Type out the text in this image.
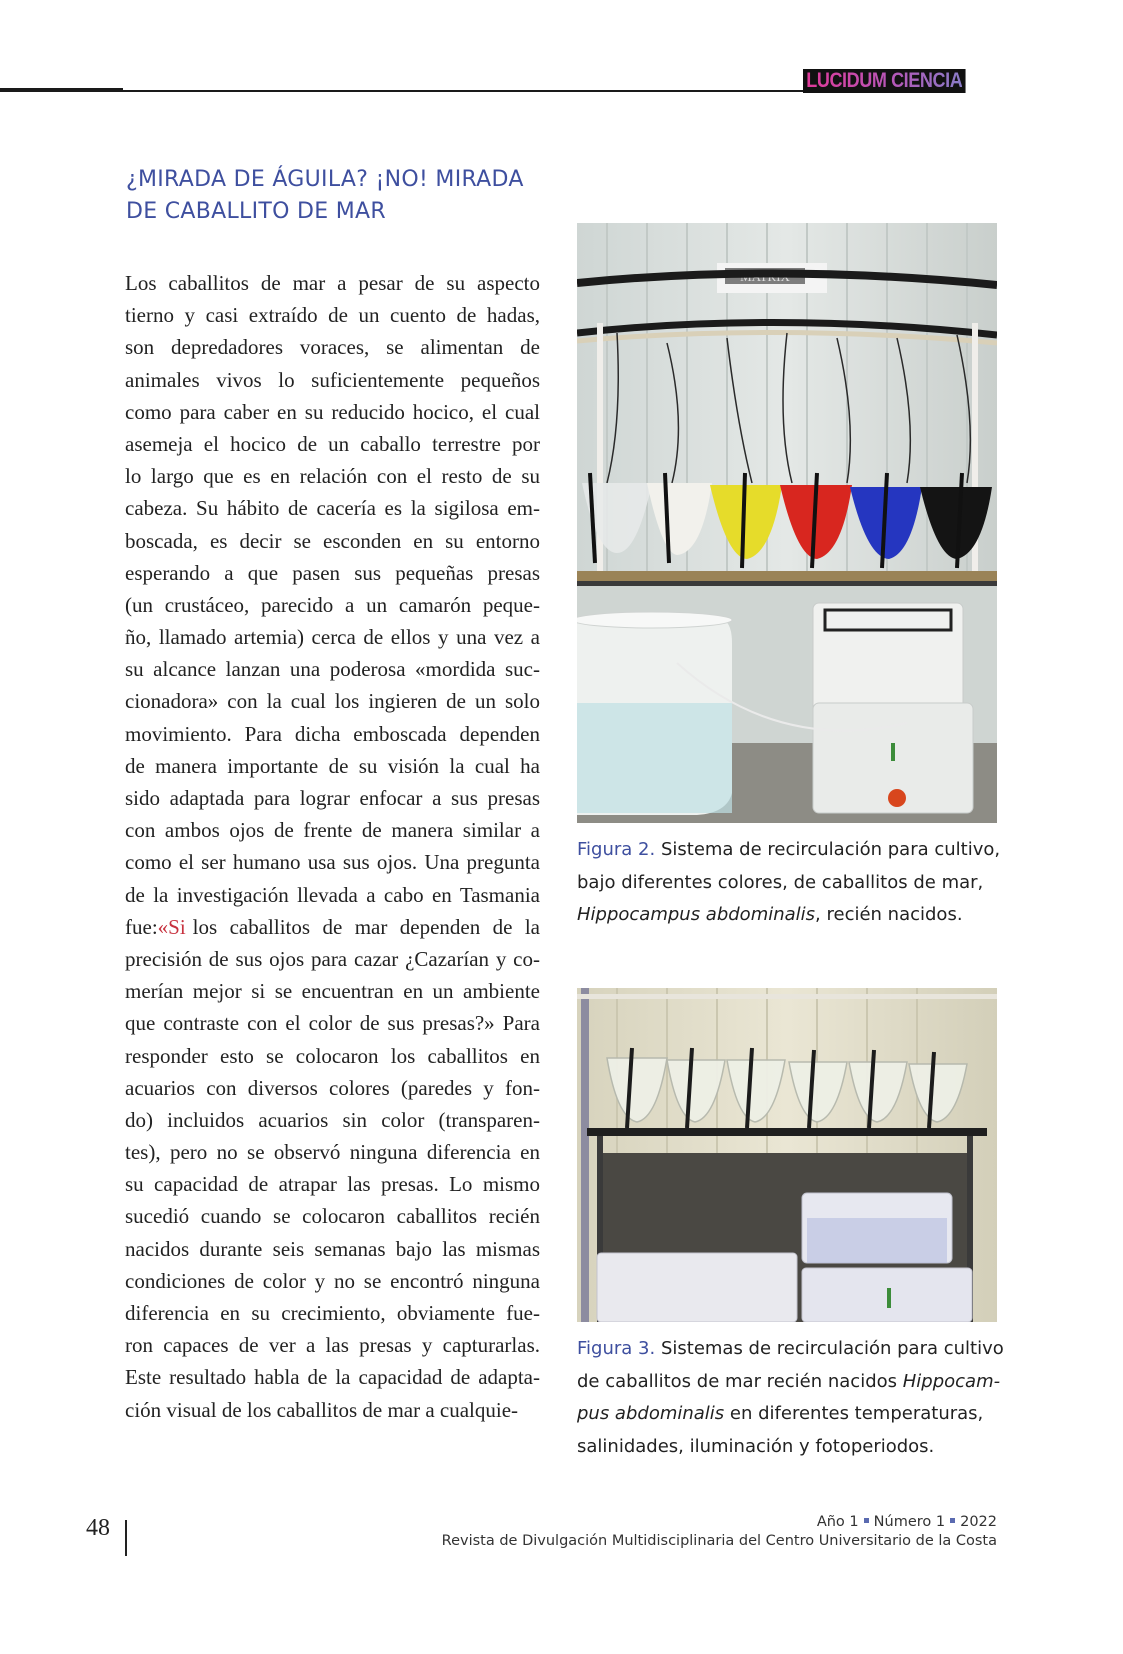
LUCIDUM CIENCIA
¿MIRADA DE ÁGUILA? ¡NO! MIRADA
DE CABALLITO DE MAR
Los caballitos de mar a pesar de su aspecto
tierno y casi extraído de un cuento de hadas,
son depredadores voraces, se alimentan de
animales vivos lo suficientemente pequeños
como para caber en su reducido hocico, el cual
asemeja el hocico de un caballo terrestre por
lo largo que es en relación con el resto de su
cabeza. Su hábito de cacería es la sigilosa em-
boscada, es decir se esconden en su entorno
esperando a que pasen sus pequeñas presas
(un crustáceo, parecido a un camarón peque-
ño, llamado artemia) cerca de ellos y una vez a
su alcance lanzan una poderosa «mordida suc-
cionadora» con la cual los ingieren de un solo
movimiento. Para dicha emboscada dependen
de manera importante de su visión la cual ha
sido adaptada para lograr enfocar a sus presas
con ambos ojos de frente de manera similar a
como el ser humano usa sus ojos. Una pregunta
de la investigación llevada a cabo en Tasmania
fue: «Si los caballitos de mar dependen de la
precisión de sus ojos para cazar ¿Cazarían y co-
merían mejor si se encuentran en un ambiente
que contraste con el color de sus presas?» Para
responder esto se colocaron los caballitos en
acuarios con diversos colores (paredes y fon-
do) incluidos acuarios sin color (transparen-
tes), pero no se observó ninguna diferencia en
su capacidad de atrapar las presas. Lo mismo
sucedió cuando se colocaron caballitos recién
nacidos durante seis semanas bajo las mismas
condiciones de color y no se encontró ninguna
diferencia en su crecimiento, obviamente fue-
ron capaces de ver a las presas y capturarlas.
Este resultado habla de la capacidad de adapta-
ción visual de los caballitos de mar a cualquie-
MATRIX
Figura 2. Sistema de recirculación para cultivo,
bajo diferentes colores, de caballitos de mar,
Hippocampus abdominalis, recién nacidos.
Figura 3. Sistemas de recirculación para cultivo
de caballitos de mar recién nacidos Hippocam-
pus abdominalis en diferentes temperaturas,
salinidades, iluminación y fotoperiodos.
48	Año 1 Número 1 2022
Revista de Divulgación Multidisciplinaria del Centro Universitario de la Costa
